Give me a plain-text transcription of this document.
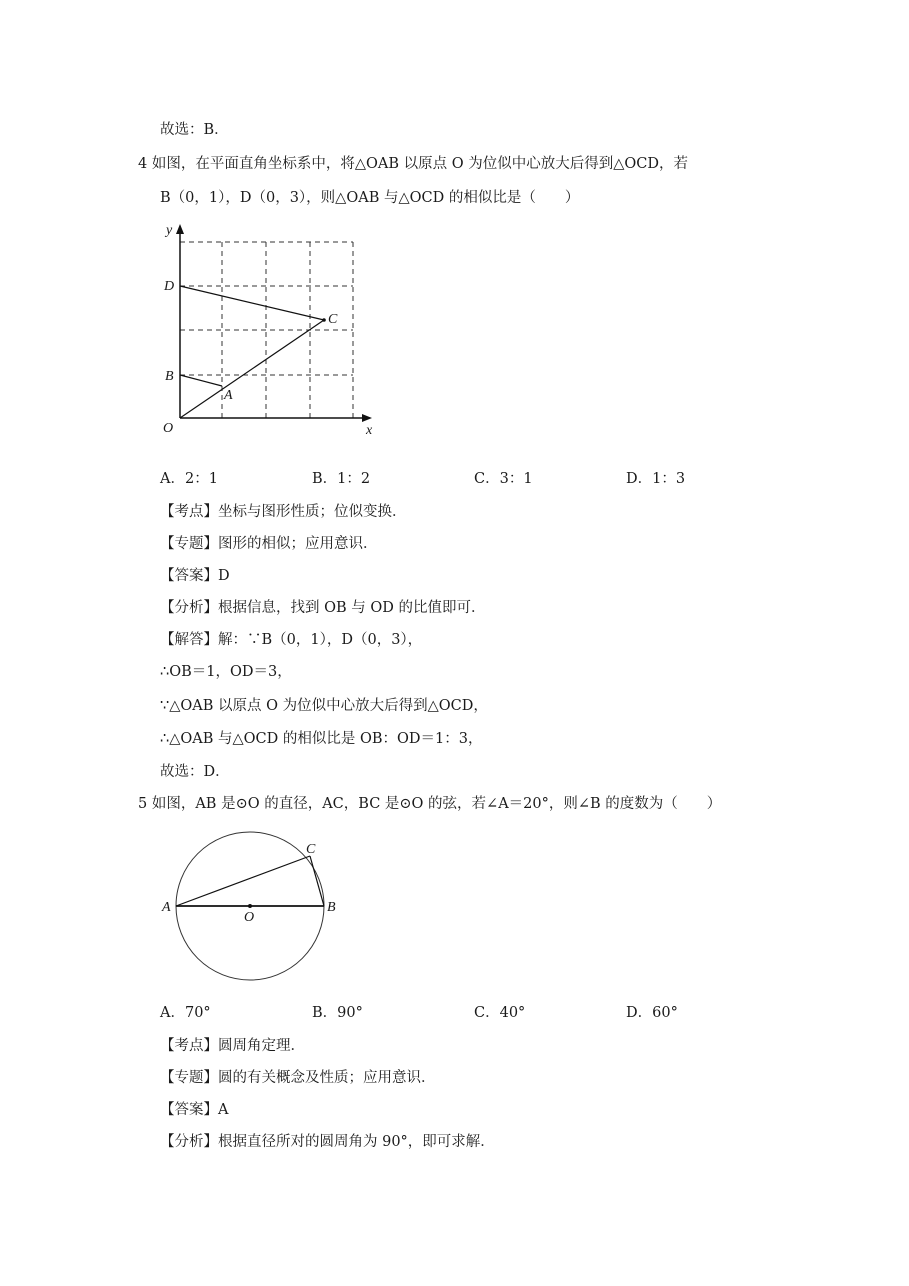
故选：B．
4 如图，在平面直角坐标系中，将△OAB 以原点 O 为位似中心放大后得到△OCD，若
B（0，1），D（0，3），则△OAB 与△OCD 的相似比是（　　）
y
x
D
C
B
A
O
A．2：1	B．1：2	C．3：1	D．1：3
【考点】坐标与图形性质；位似变换．
【专题】图形的相似；应用意识．
【答案】D
【分析】根据信息，找到 OB 与 OD 的比值即可．
【解答】解：∵B（0，1），D（0，3），
∴OB＝1，OD＝3，
∵△OAB 以原点 O 为位似中心放大后得到△OCD，
∴△OAB 与△OCD 的相似比是 OB：OD＝1：3，
故选：D．
5 如图，AB 是⊙O 的直径，AC，BC 是⊙O 的弦，若∠A＝20°，则∠B 的度数为（　　）
A	B
C
O
A．70°	B．90°	C．40°	D．60°
【考点】圆周角定理．
【专题】圆的有关概念及性质；应用意识．
【答案】A
【分析】根据直径所对的圆周角为 90°，即可求解．
